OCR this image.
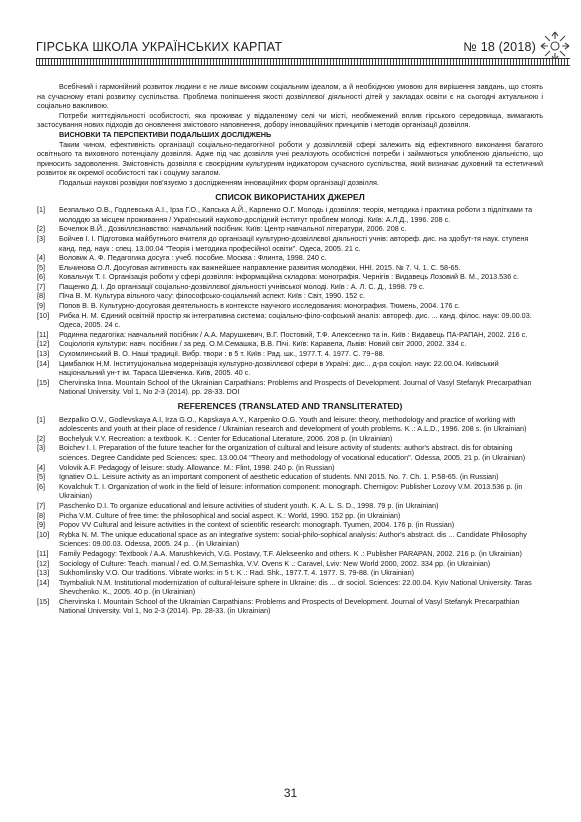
ГІРСЬКА ШКОЛА УКРАЇНСЬКИХ КАРПАТ	№ 18 (2018)

Всебічний і гармонійний розвиток людини є не лише високим соціальним ідеалом, а й необхідною умовою для вирішення завдань, що стоять на сучасному етапі розвитку суспільства. Проблема поліпшення якості дозвіллєвої діяльності дітей у закладах освіти є на сьогодні актуальною і соціально важливою.

Потреби життєдіяльності особистості, яка проживає у віддаленому селі чи місті, необмежений вплив гірського середовища, вимагають застосування нових підходів до оновлення змістового наповнення, добору інноваційних принципів і методів організації дозвілля.

ВИСНОВКИ ТА ПЕРСПЕКТИВИ ПОДАЛЬШИХ ДОСЛІДЖЕНЬ

Таким чином, ефективність організації соціально-педагогічної роботи у дозвіллєвій сфері залежить від ефективного виконання багатого освітнього та виховного потенціалу дозвілля. Адже під час дозвілля учні реалізують особистісні потреби і займаються улюбленою діяльністю, що приносить задоволення. Змістовність дозвілля є своєрідним культурним індикатором сучасного суспільства, який визначає духовний та естетичний розвиток як окремої особистості так і соціуму загалом.

Подальші наукові розвідки пов'язуємо з дослідженням інноваційних форм організації дозвілля.

СПИСОК ВИКОРИСТАНИХ ДЖЕРЕЛ

[1] Безпалько О.В., Годлевська А.І., Ірза Г.О., Капська А.Й., Карпенко О.Г. Молодь і дозвілля: теорія, методика і практика роботи з підлітками та молоддю за місцем проживання / Український науково-дослідний інститут проблем молоді. Київ: А.Л.Д., 1996. 208 с.

[2] Бочелюк В.Й., Дозвіллєзнавство: навчальний посібник. Київ: Центр навчальної літератури, 2006. 208 с.

[3] Бойчев І. І. Підготовка майбутнього вчителя до організації культурно-дозвіллєвої діяльності учнів: автореф. дис. на здобут-тя наук. ступеня канд. пед. наук : спец. 13.00.04 "Теорія і методика професійної освіти". Одеса, 2005. 21 с.

[4] Воловик А. Ф. Педагогика досуга : учеб. пособие. Москва : Флинта, 1998. 240 с.

[5] Ельчинова О.Л. Досуговая активность как важнейшее направление развития молодёжи. ННІ. 2015. № 7. Ч. 1. С. 58-65.

[6] Ковальчук Т. І. Організація роботи у сфері дозвілля: інформаційна складова: монографія. Чернігів : Видавець Лозовий В. М., 2013.536 с.

[7] Пащенко Д. І. До організації соціально-дозвіллєвої діяльності учнівської молоді. Київ : А. Л. С. Д., 1998. 79 с.

[8] Піча В. М. Культура вільного часу: філософсько-соціальний аспект. Київ : Світ, 1990. 152 с.

[9] Попов В. В. Культурно-досуговая деятельность в контексте научного исследования: монография. Тюмень, 2004. 176 с.

[10] Рибка Н. М. Єдиний освітній простір як інтегративна система: соціально-філо-софський аналіз: автореф. дис. ... канд. філос. наук: 09.00.03. Одеса, 2005. 24 с.

[11] Родинна педагогіка: навчальний посібник / А.А. Марушкевич, В.Г. Постовий, Т.Ф. Алексеєнко та ін. Київ : Видавець ПА-РАПАН, 2002. 216 с.

[12] Соціологія культури: навч. посібник / за ред. О.М.Семашка, В.В. Пічі. Київ: Каравела, Львів: Новий світ 2000, 2002. 334 с.

[13] Сухомлинський В. О. Наші традиції. Вибр. твори : в 5 т. Київ : Рад. шк., 1977.Т. 4. 1977. С. 79−88.

[14] Цимбалюк Н.М. Інституціональна модернізація культурно-дозвіллєвої сфери в Україні: дис... д-ра соціол. наук: 22.00.04. Київський національний ун-т ім. Тараса Шевченка. Київ, 2005. 40 с.

[15] Chervinska Inna. Mountain School of the Ukrainian Carpathians: Problems and Prospects of Development. Journal of Vasyl Stefanyk Precarpathian National University. Vol 1, No 2-3 (2014). pp. 28-33. DOI

REFERENCES (TRANSLATED AND TRANSLITERATED)

[1] Bezpalko O.V., Godlevskaya A.I, Irza G.O., Kapskaya A.Y., Karpenko O.G. Youth and leisure: theory, methodology and practice of working with adolescents and youth at their place of residence / Ukrainian research and development of youth problems. K .: A.L.D., 1996. 208 s. (in Ukrainian)

[2] Bochelyuk V.Y. Recreation: a textbook. K. : Center for Educational Literature, 2006. 208 p. (in Ukrainian)

[3] Boichev I. I. Preparation of the future teacher for the organization of cultural and leisure activity of students: author's abstract. dis for obtaining sciences. Degree Candidate ped Sciences: spec. 13.00.04 "Theory and methodology of vocational education". Odessa, 2005. 21 p. (in Ukrainian)

[4] Volovik A.F. Pedagogy of leisure: study. Allowance. M.: Flint, 1998. 240 p. (in Russian)

[5] Ignatiev O.L. Leisure activity as an important component of aesthetic education of students. NNI 2015. No. 7. Ch. 1. P.58-65. (in Russian)

[6] Kovalchuk T. I. Organization of work in the field of leisure: information component: monograph. Chernigov: Publisher Lozovy V.M. 2013.536 p. (in Ukrainian)

[7] Paschenko D.I. To organize educational and leisure activities of student youth. K. A. L. S. D., 1998. 79 p. (in Ukrainian)

[8] Picha V.M. Culture of free time: the philosophical and social aspect. K.: World, 1990. 152 pp. (in Ukrainian)

[9] Popov VV Cultural and leisure activities in the context of scientific research: monograph. Tyumen, 2004. 176 p. (in Russian)

[10] Rybka N. M. The unique educational space as an integrative system: social-philo-sophical analysis: Author's abstract. dis ... Candidate Philosophy Sciences: 09.00.03. Odessa, 2005. 24 p. . (in Ukrainian)

[11] Family Pedagogy: Textbook / A.A. Marushkevich, V.G. Postavy, T.F. Alekseenko and others. K .: Publisher PARAPAN, 2002. 216 p. (in Ukrainian)

[12] Sociology of Culture: Teach. manual / ed. O.M.Semashka, V.V. Ovens K .: Caravel, Lviv: New World 2000, 2002. 334 pp. (in Ukrainian)

[13] Sukhomlinsky V.O. Our traditions. Vibrate works: in 5 t. K .: Rad. Shk., 1977.T. 4. 1977. S. 79-88. (in Ukrainian)

[14] Tsymbaliuk N.M. Institutional modernization of cultural-leisure sphere in Ukraine: dis ... dr sociol. Sciences: 22.00.04. Kyiv National University. Taras Shevchenko. K., 2005. 40 p. (in Ukrainian)

[15] Chervinska I. Mountain School of the Ukrainian Carpathians: Problems and Prospects of Development. Journal of Vasyl Stefanyk Precarpathian National University. Vol 1, No 2-3 (2014). Pp. 28-33. (in Ukrainian)

31
